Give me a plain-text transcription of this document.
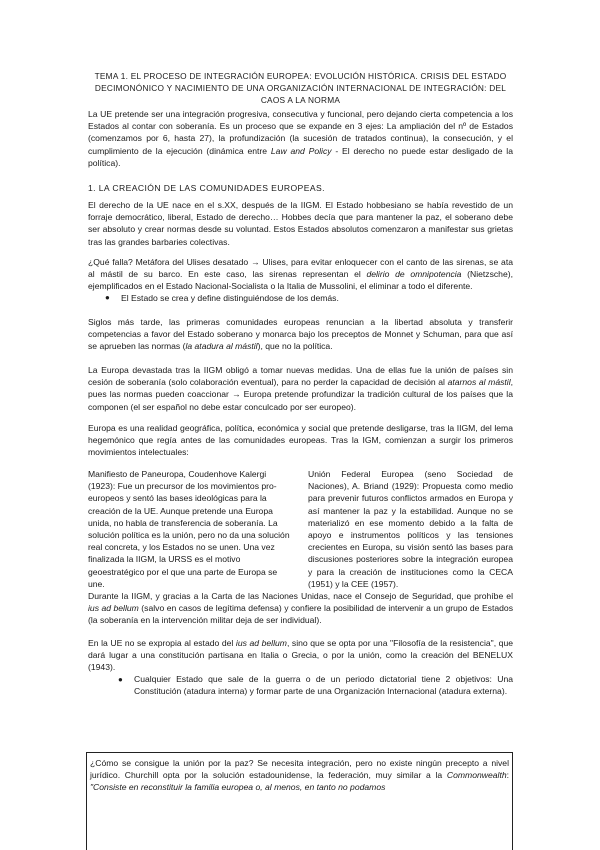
TEMA 1. EL PROCESO DE INTEGRACIÓN EUROPEA: EVOLUCIÓN HISTÓRICA. CRISIS DEL ESTADO DECIMONÓNICO Y NACIMIENTO DE UNA ORGANIZACIÓN INTERNACIONAL DE INTEGRACIÓN: DEL CAOS A LA NORMA

La UE pretende ser una integración progresiva, consecutiva y funcional, pero dejando cierta competencia a los Estados al contar con soberanía. Es un proceso que se expande en 3 ejes: La ampliación del nº de Estados (comenzamos por 6, hasta 27), la profundización (la sucesión de tratados continua), la consecución, y el cumplimiento de la ejecución (dinámica entre Law and Policy - El derecho no puede estar desligado de la política).

1. LA CREACIÓN DE LAS COMUNIDADES EUROPEAS.

El derecho de la UE nace en el s.XX, después de la IIGM. El Estado hobbesiano se había revestido de un forraje democrático, liberal, Estado de derecho… Hobbes decía que para mantener la paz, el soberano debe ser absoluto y crear normas desde su voluntad. Estos Estados absolutos comenzaron a manifestar sus grietas tras las grandes barbaries colectivas.

¿Qué falla? Metáfora del Ulises desatado → Ulises, para evitar enloquecer con el canto de las sirenas, se ata al mástil de su barco. En este caso, las sirenas representan el delirio de omnipotencia (Nietzsche), ejemplificados en el Estado Nacional-Socialista o la Italia de Mussolini, el eliminar a todo el diferente.

● El Estado se crea y define distinguiéndose de los demás.

Siglos más tarde, las primeras comunidades europeas renuncian a la libertad absoluta y transferir competencias a favor del Estado soberano y monarca bajo los preceptos de Monnet y Schuman, para que así se aprueben las normas (la atadura al mástil), que no la política.

La Europa devastada tras la IIGM obligó a tomar nuevas medidas. Una de ellas fue la unión de países sin cesión de soberanía (solo colaboración eventual), para no perder la capacidad de decisión al atarnos al mástil, pues las normas pueden coaccionar → Europa pretende profundizar la tradición cultural de los países que la componen (el ser español no debe estar conculcado por ser europeo).

Europa es una realidad geográfica, política, económica y social que pretende desligarse, tras la IIGM, del lema hegemónico que regía antes de las comunidades europeas. Tras la IGM, comienzan a surgir los primeros movimientos intelectuales:

Manifiesto de Paneuropa, Coudenhove Kalergi (1923): Fue un precursor de los movimientos pro-europeos y sentó las bases ideológicas para la creación de la UE. Aunque pretende una Europa unida, no habla de transferencia de soberanía. La solución política es la unión, pero no da una solución real concreta, y los Estados no se unen. Una vez finalizada la IIGM, la URSS es el motivo geoestratégico por el que una parte de Europa se une.

Unión Federal Europea (seno Sociedad de Naciones), A. Briand (1929): Propuesta como medio para prevenir futuros conflictos armados en Europa y así mantener la paz y la estabilidad. Aunque no se materializó en ese momento debido a la falta de apoyo e instrumentos políticos y las tensiones crecientes en Europa, su visión sentó las bases para discusiones posteriores sobre la integración europea y para la creación de instituciones como la CECA (1951) y la CEE (1957).

Durante la IIGM, y gracias a la Carta de las Naciones Unidas, nace el Consejo de Seguridad, que prohíbe el ius ad bellum (salvo en casos de legítima defensa) y confiere la posibilidad de intervenir a un grupo de Estados (la soberanía en la intervención militar deja de ser individual).

En la UE no se expropia al estado del ius ad bellum, sino que se opta por una "Filosofía de la resistencia", que dará lugar a una constitución partisana en Italia o Grecia, o por la unión, como la creación del BENELUX (1943).

● Cualquier Estado que sale de la guerra o de un periodo dictatorial tiene 2 objetivos: Una Constitución (atadura interna) y formar parte de una Organización Internacional (atadura externa).

¿Cómo se consigue la unión por la paz? Se necesita integración, pero no existe ningún precepto a nivel jurídico. Churchill opta por la solución estadounidense, la federación, muy similar a la Commonwealth: "Consiste en reconstituir la familia europea o, al menos, en tanto no podamos
